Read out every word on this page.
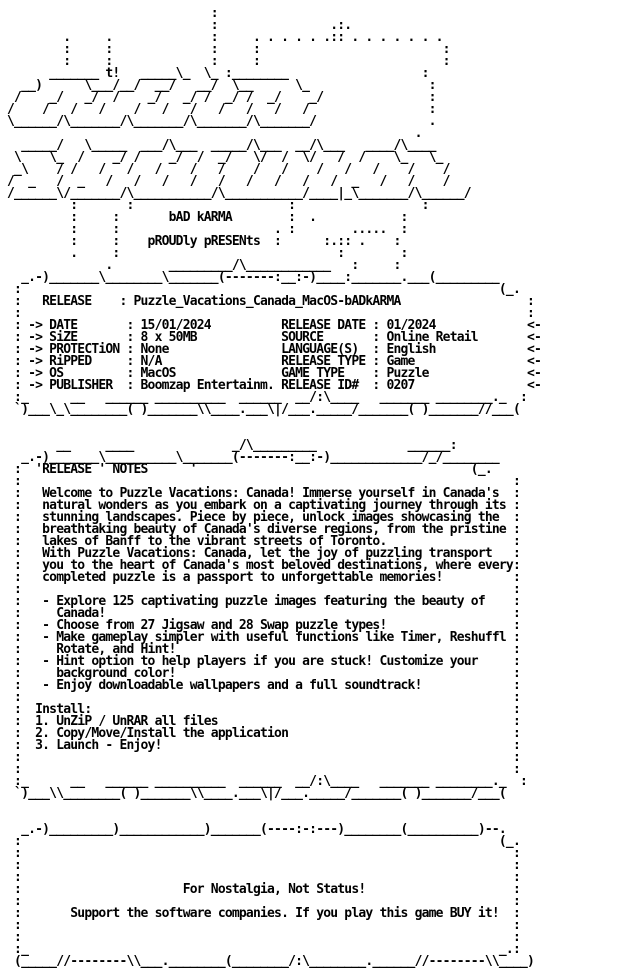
:
:                .:.
.     .              :     . . . . . .:: . . . . . . .
:     :              :     :                          :
:     :              :     :                          :
_______ t!   _____\_  \_ :________                   :
__)      \___/__/  __/   __/  \__      \_                 :
/    _/   _/  /    _/   _/ /  _/ /  _/    _/               :
/    /   /   /    /   /   /   /   /   /   /                 :
\______/\_______/\_______/\_______/\_______/                .
.
_____/   \_____  ___/\___  _____/\___  __/\___   ____/\____
\    \_  /    _/ /    _/  /  _/   \/  /  \/   /  /    \_   \_
_\    / /   /   /   /    /   /    /   /    /   /   /    /    /
/  _   /  _   /   /   /   /   /   /   /   /   /  _   /   /    /
/______\/_______/\___________/\___________/____|_\_______/\______/
:       :                      :                  :
:     :       bAD kARMA        :  .            :
:     :                      . :        .....  :
:     :    pROUDly pRESENts  :      :.:: .    :
.     :                               :        :
.        _________/\____________   :     :
_.-)_______\________\_______(-------:__:-)____:_______.___(_________
:                                                                    (_.
:   RELEASE    : Puzzle_Vacations_Canada_MacOS-bADkARMA                  :
:                                                                        :
: -> DATE       : 15/01/2024          RELEASE DATE : 01/2024             <-
: -> SiZE       : 8 x 50MB            SOURCE       : Online Retail       <-
: -> PROTECTiON : None                LANGUAGE(S)  : English             <-
: -> RiPPED     : N/A                 RELEASE TYPE : Game                <-
: -> OS         : MacOS               GAME TYPE    : Puzzle              <-
: -> PUBLISHER  : Boomzap Entertainm. RELEASE ID#  : 0207                <-
:_      __   ______ __________  ______  __/:\____   _______ ________._  :
`)___\_\________( )_______\\____.___\|/___._____/_______( )_______//___(
__     ____              _/\_________             ______:
_.-)_______\__________\_______(-------:__:-)_____________/_/________
:  'RELEASE ' NOTES      '                                       (_.
:                                                                      :
:   Welcome to Puzzle Vacations: Canada! Immerse yourself in Canada's  :
:   natural wonders as you embark on a captivating journey through its :
:   stunning landscapes. Piece by piece, unlock images showcasing the  :
:   breathtaking beauty of Canada's diverse regions, from the pristine :
:   lakes of Banff to the vibrant streets of Toronto.                  :
:   With Puzzle Vacations: Canada, let the joy of puzzling transport   :
:   you to the heart of Canada's most beloved destinations, where every:
:   completed puzzle is a passport to unforgettable memories!          :
:                                                                      :
:   - Explore 125 captivating puzzle images featuring the beauty of    :
:     Canada!                                                          :
:   - Choose from 27 Jigsaw and 28 Swap puzzle types!                  :
:   - Make gameplay simpler with useful functions like Timer, Reshuffl :
:     Rotate, and Hint!                                                :
:   - Hint option to help players if you are stuck! Customize your     :
:     background color!                                                :
:   - Enjoy downloadable wallpapers and a full soundtrack!             :
:                                                                      :
:  Install:                                                            :
:  1. UnZiP / UnRAR all files                                          :
:  2. Copy/Move/Install the application                                :
:  3. Launch - Enjoy!                                                  :
:                                                                      :
:                                                                      :
:_      __   ______ __________  ______  __/:\____   _______ ________._  :
`)___\\________( )_______\\____.___\|/___._____/_______( )_______/___(
_.-)_________)____________)_______(----:-:---)________(__________)--.
:                                                                    (_.
:                                                                      :
:                                                                      :
:                                                                      :
:                       For Nostalgia, Not Status!                     :
:                                                                      :
:       Support the software companies. If you play this game BUY it!  :
:                                                                      :
:                                                                      :
:_                                                                   _.:
(_____//--------\\___.________(________/:\________.______//--------\\____)
